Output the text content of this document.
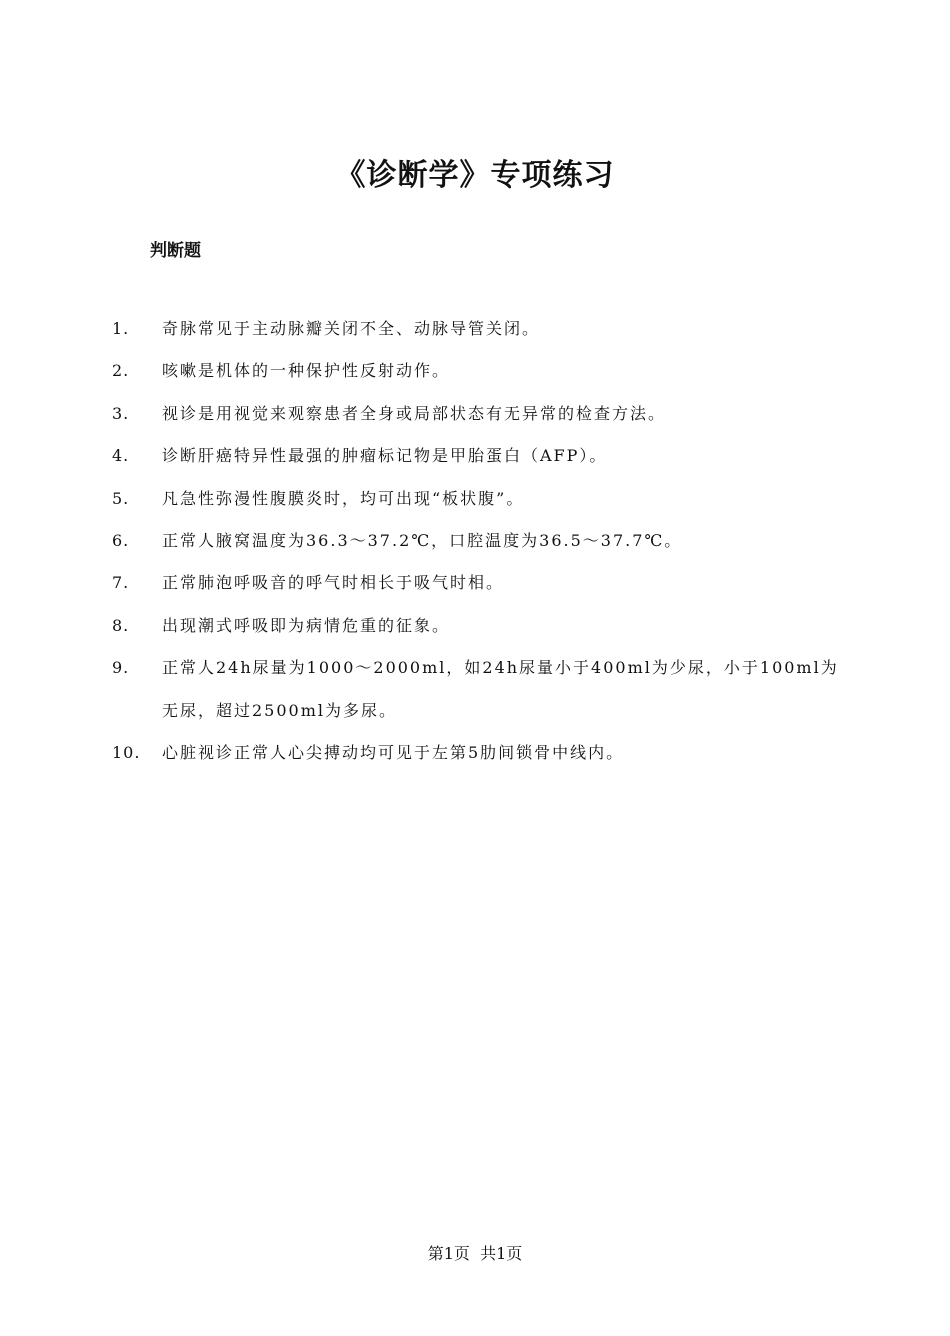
《诊断学》专项练习
判断题
1.	奇脉常见于主动脉瓣关闭不全、动脉导管关闭。
2.	咳嗽是机体的一种保护性反射动作。
3.	视诊是用视觉来观察患者全身或局部状态有无异常的检查方法。
4.	诊断肝癌特异性最强的肿瘤标记物是甲胎蛋白（AFP）。
5.	凡急性弥漫性腹膜炎时，均可出现“板状腹”。
6.	正常人腋窝温度为36.3～37.2℃，口腔温度为36.5～37.7℃。
7.	正常肺泡呼吸音的呼气时相长于吸气时相。
8.	出现潮式呼吸即为病情危重的征象。
9.	正常人24h尿量为1000～2000ml，如24h尿量小于400ml为少尿，小于100ml为无尿，超过2500ml为多尿。
10.	心脏视诊正常人心尖搏动均可见于左第5肋间锁骨中线内。
第1页  共1页
